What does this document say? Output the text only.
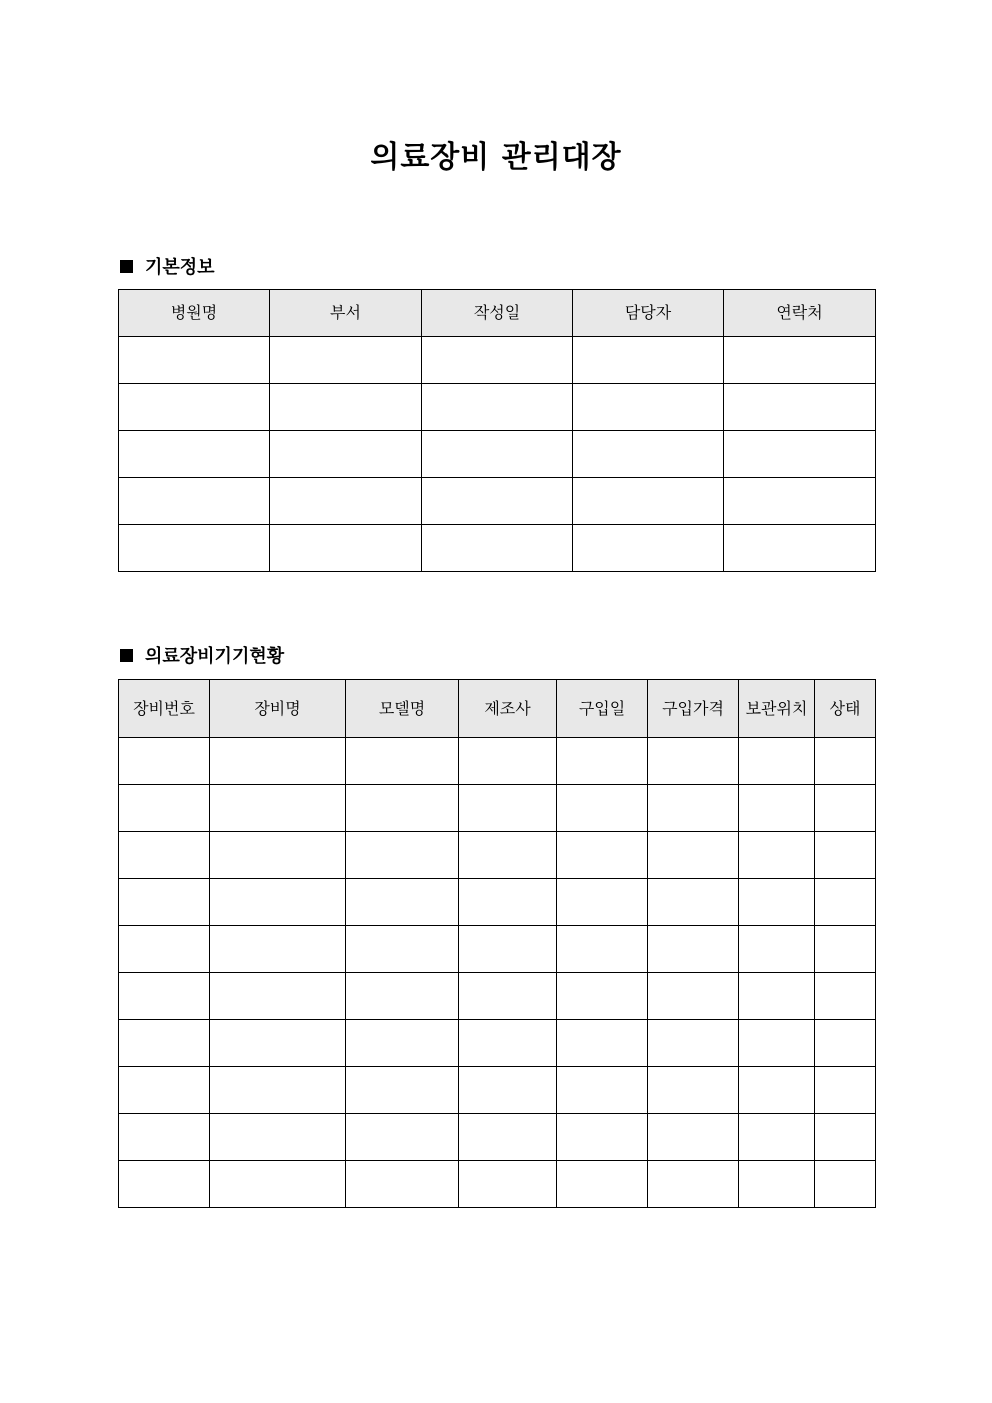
의료장비 관리대장
기본정보
병원명	부서	작성일	담당자	연락처

의료장비기기현황
장비번호	장비명	모델명	제조사	구입일	구입가격	보관위치	상태
